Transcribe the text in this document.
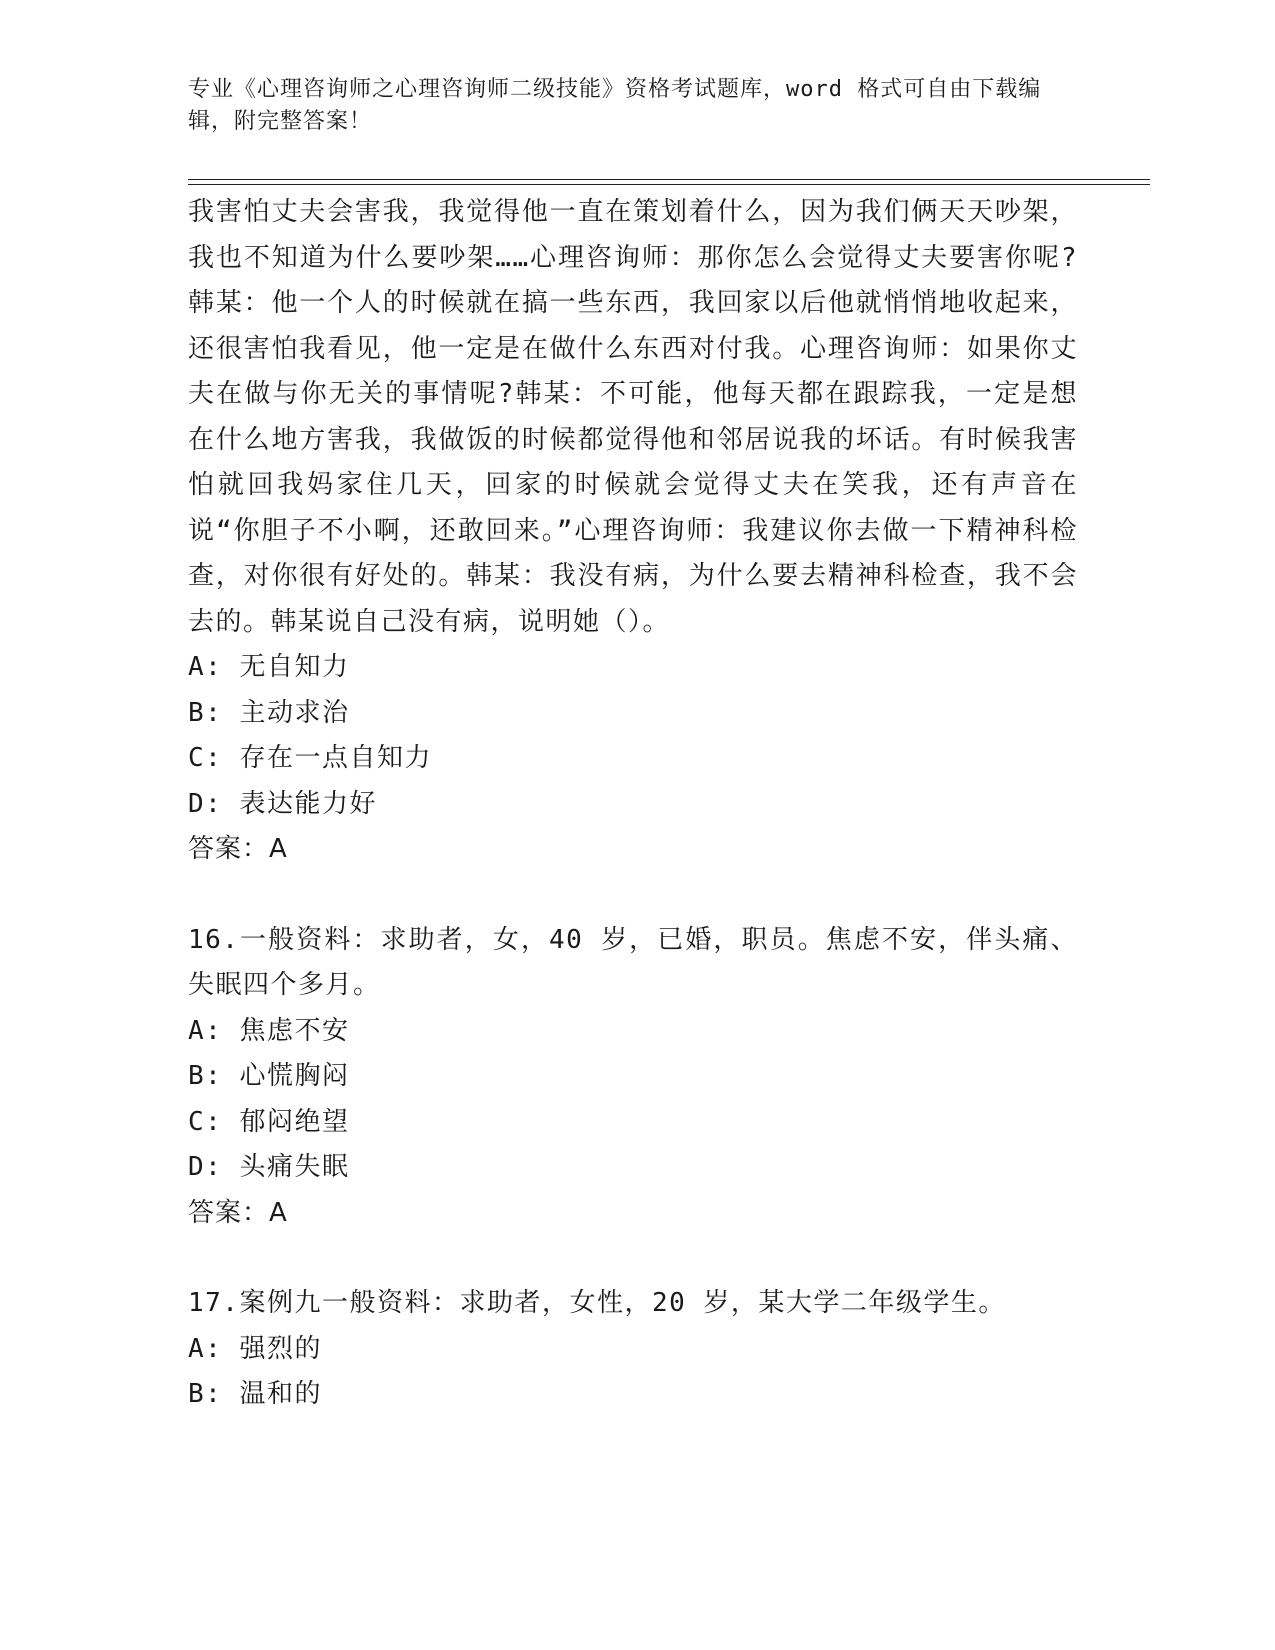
专业《心理咨询师之心理咨询师二级技能》资格考试题库，word 格式可自由下载编辑，附完整答案！

我害怕丈夫会害我，我觉得他一直在策划着什么，因为我们俩天天吵架，我也不知道为什么要吵架……心理咨询师：那你怎么会觉得丈夫要害你呢?韩某：他一个人的时候就在搞一些东西，我回家以后他就悄悄地收起来，还很害怕我看见，他一定是在做什么东西对付我。心理咨询师：如果你丈夫在做与你无关的事情呢?韩某：不可能，他每天都在跟踪我，一定是想在什么地方害我，我做饭的时候都觉得他和邻居说我的坏话。有时候我害怕就回我妈家住几天，回家的时候就会觉得丈夫在笑我，还有声音在说“你胆子不小啊，还敢回来。”心理咨询师：我建议你去做一下精神科检查，对你很有好处的。韩某：我没有病，为什么要去精神科检查，我不会去的。韩某说自己没有病，说明她（）。

A: 无自知力

B: 主动求治

C: 存在一点自知力

D: 表达能力好

答案：A

16.一般资料：求助者，女，40 岁，已婚，职员。焦虑不安，伴头痛、失眠四个多月。

A: 焦虑不安

B: 心慌胸闷

C: 郁闷绝望

D: 头痛失眠

答案：A

17.案例九一般资料：求助者，女性，20 岁，某大学二年级学生。

A: 强烈的

B: 温和的
